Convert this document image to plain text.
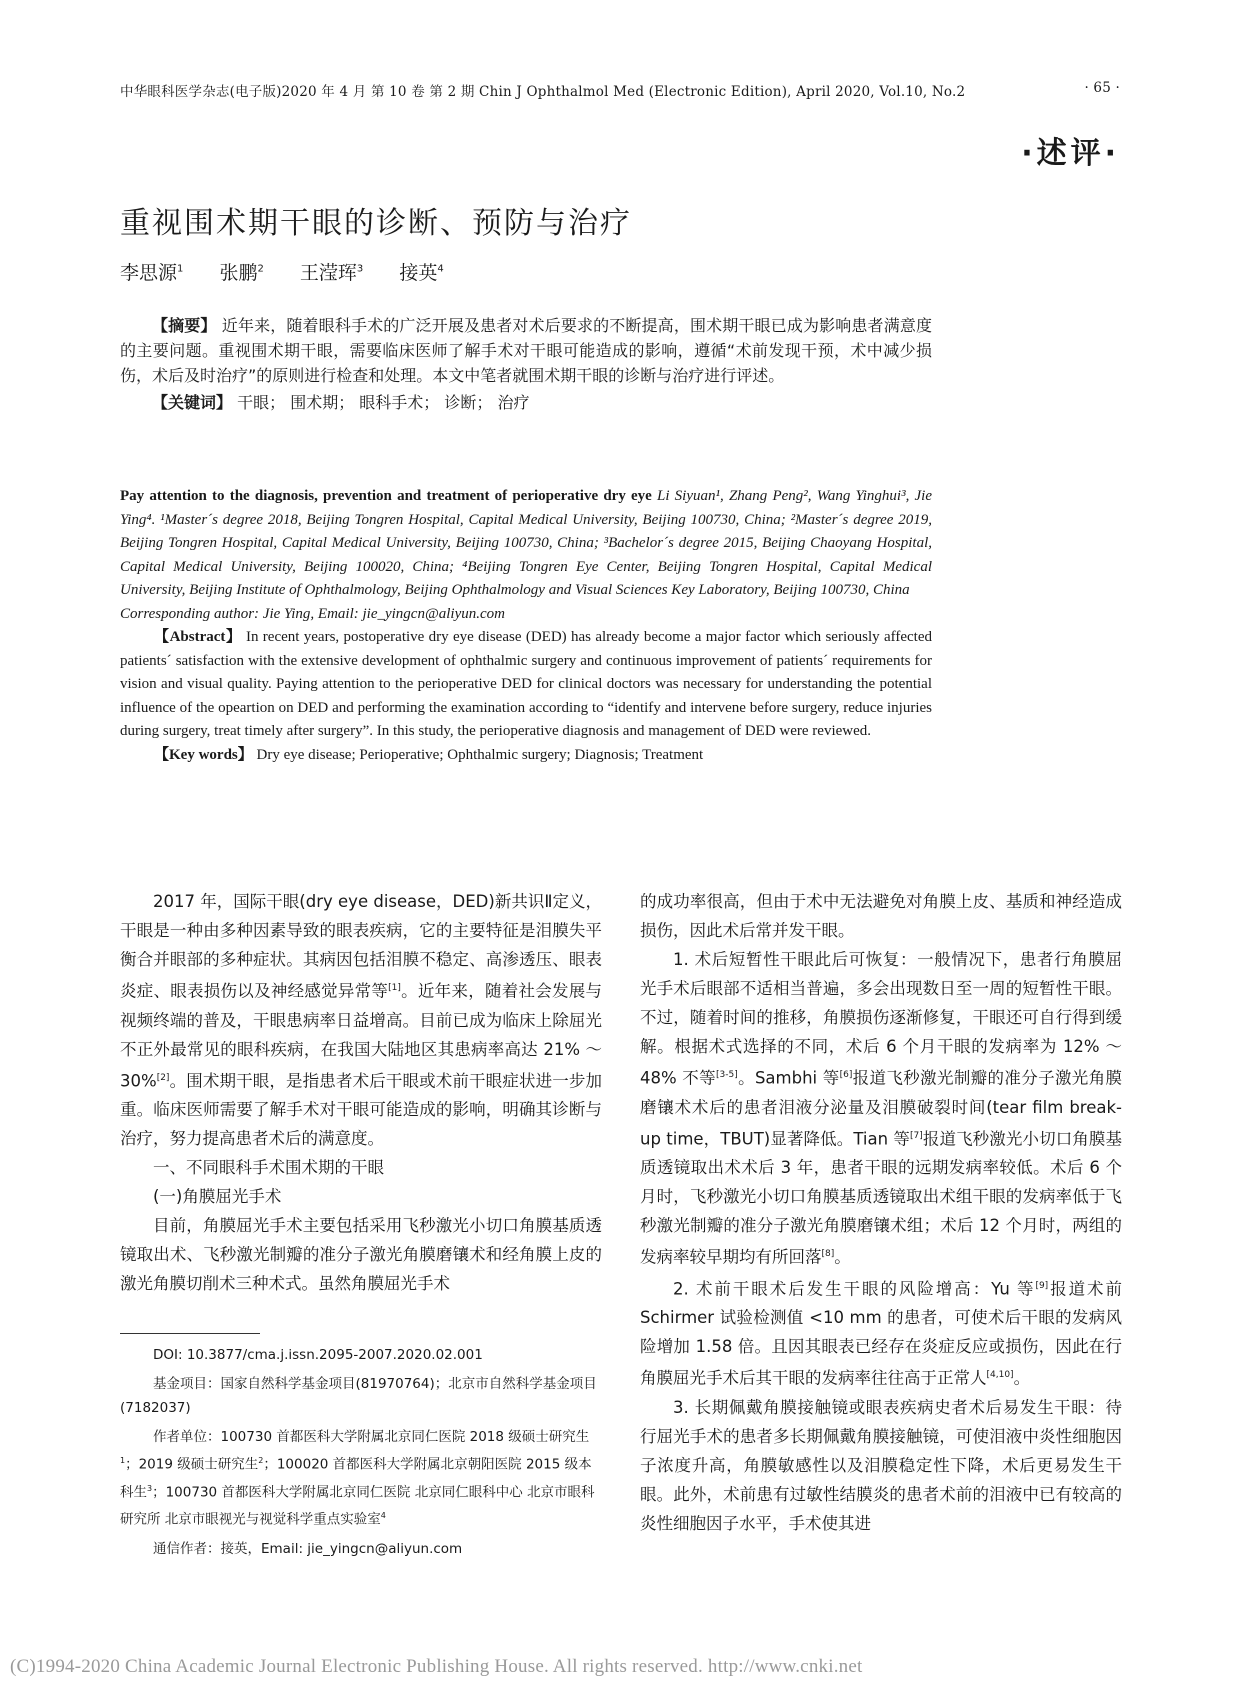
中华眼科医学杂志(电子版)2020 年 4 月 第 10 卷 第 2 期 Chin J Ophthalmol Med (Electronic Edition), April 2020, Vol.10, No.2	· 65 ·
·述评·
重视围术期干眼的诊断、预防与治疗
李思源$^1$ 张鹏$^2$ 王滢珲$^3$ 接英$^4$

【摘要】 近年来，随着眼科手术的广泛开展及患者对术后要求的不断提高，围术期干眼已成为影响患者满意度的主要问题。重视围术期干眼，需要临床医师了解手术对干眼可能造成的影响，遵循“术前发现干预，术中减少损伤，术后及时治疗”的原则进行检查和处理。本文中笔者就围术期干眼的诊断与治疗进行评述。

【关键词】 干眼； 围术期； 眼科手术； 诊断； 治疗

Pay attention to the diagnosis, prevention and treatment of perioperative dry eye Li Siyuan¹, Zhang Peng², Wang Yinghui³, Jie Ying⁴. ¹Master´s degree 2018, Beijing Tongren Hospital, Capital Medical University, Beijing 100730, China; ²Master´s degree 2019, Beijing Tongren Hospital, Capital Medical University, Beijing 100730, China; ³Bachelor´s degree 2015, Beijing Chaoyang Hospital, Capital Medical University, Beijing 100020, China; ⁴Beijing Tongren Eye Center, Beijing Tongren Hospital, Capital Medical University, Beijing Institute of Ophthalmology, Beijing Ophthalmology and Visual Sciences Key Laboratory, Beijing 100730, China

Corresponding author: Jie Ying, Email: jie_yingcn@aliyun.com

【Abstract】 In recent years, postoperative dry eye disease (DED) has already become a major factor which seriously affected patients´ satisfaction with the extensive development of ophthalmic surgery and continuous improvement of patients´ requirements for vision and visual quality. Paying attention to the perioperative DED for clinical doctors was necessary for understanding the potential influence of the opeartion on DED and performing the examination according to “identify and intervene before surgery, reduce injuries during surgery, treat timely after surgery”. In this study, the perioperative diagnosis and management of DED were reviewed.

【Key words】 Dry eye disease; Perioperative; Ophthalmic surgery; Diagnosis; Treatment

2017 年，国际干眼(dry eye disease，DED)新共识Ⅱ定义，干眼是一种由多种因素导致的眼表疾病，它的主要特征是泪膜失平衡合并眼部的多种症状。其病因包括泪膜不稳定、高渗透压、眼表炎症、眼表损伤以及神经感觉异常等[1]。近年来，随着社会发展与视频终端的普及，干眼患病率日益增高。目前已成为临床上除屈光不正外最常见的眼科疾病，在我国大陆地区其患病率高达 21% ～30%[2]。围术期干眼，是指患者术后干眼或术前干眼症状进一步加重。临床医师需要了解手术对干眼可能造成的影响，明确其诊断与治疗，努力提高患者术后的满意度。

一、不同眼科手术围术期的干眼

(一)角膜屈光手术

目前，角膜屈光手术主要包括采用飞秒激光小切口角膜基质透镜取出术、飞秒激光制瓣的准分子激光角膜磨镶术和经角膜上皮的激光角膜切削术三种术式。虽然角膜屈光手术

DOI: 10.3877/cma.j.issn.2095-2007.2020.02.001

基金项目：国家自然科学基金项目(81970764)；北京市自然科学基金项目(7182037)

作者单位：100730 首都医科大学附属北京同仁医院 2018 级硕士研究生$^1$；2019 级硕士研究生$^2$；100020 首都医科大学附属北京朝阳医院 2015 级本科生$^3$；100730 首都医科大学附属北京同仁医院 北京同仁眼科中心 北京市眼科研究所 北京市眼视光与视觉科学重点实验室$^4$

通信作者：接英，Email: jie_yingcn@aliyun.com

的成功率很高，但由于术中无法避免对角膜上皮、基质和神经造成损伤，因此术后常并发干眼。

1. 术后短暂性干眼此后可恢复：一般情况下，患者行角膜屈光手术后眼部不适相当普遍，多会出现数日至一周的短暂性干眼。不过，随着时间的推移，角膜损伤逐渐修复，干眼还可自行得到缓解。根据术式选择的不同，术后 6 个月干眼的发病率为 12% ～48% 不等[3-5]。Sambhi 等[6]报道飞秒激光制瓣的准分子激光角膜磨镶术术后的患者泪液分泌量及泪膜破裂时间(tear film break-up time，TBUT)显著降低。Tian 等[7]报道飞秒激光小切口角膜基质透镜取出术术后 3 年，患者干眼的远期发病率较低。术后 6 个月时，飞秒激光小切口角膜基质透镜取出术组干眼的发病率低于飞秒激光制瓣的准分子激光角膜磨镶术组；术后 12 个月时，两组的发病率较早期均有所回落[8]。

2. 术前干眼术后发生干眼的风险增高：Yu 等[9]报道术前 Schirmer 试验检测值 <10 mm 的患者，可使术后干眼的发病风险增加 1.58 倍。且因其眼表已经存在炎症反应或损伤，因此在行角膜屈光手术后其干眼的发病率往往高于正常人[4,10]。

3. 长期佩戴角膜接触镜或眼表疾病史者术后易发生干眼：待行屈光手术的患者多长期佩戴角膜接触镜，可使泪液中炎性细胞因子浓度升高，角膜敏感性以及泪膜稳定性下降，术后更易发生干眼。此外，术前患有过敏性结膜炎的患者术前的泪液中已有较高的炎性细胞因子水平，手术使其进

(C)1994-2020 China Academic Journal Electronic Publishing House. All rights reserved. http://www.cnki.net
